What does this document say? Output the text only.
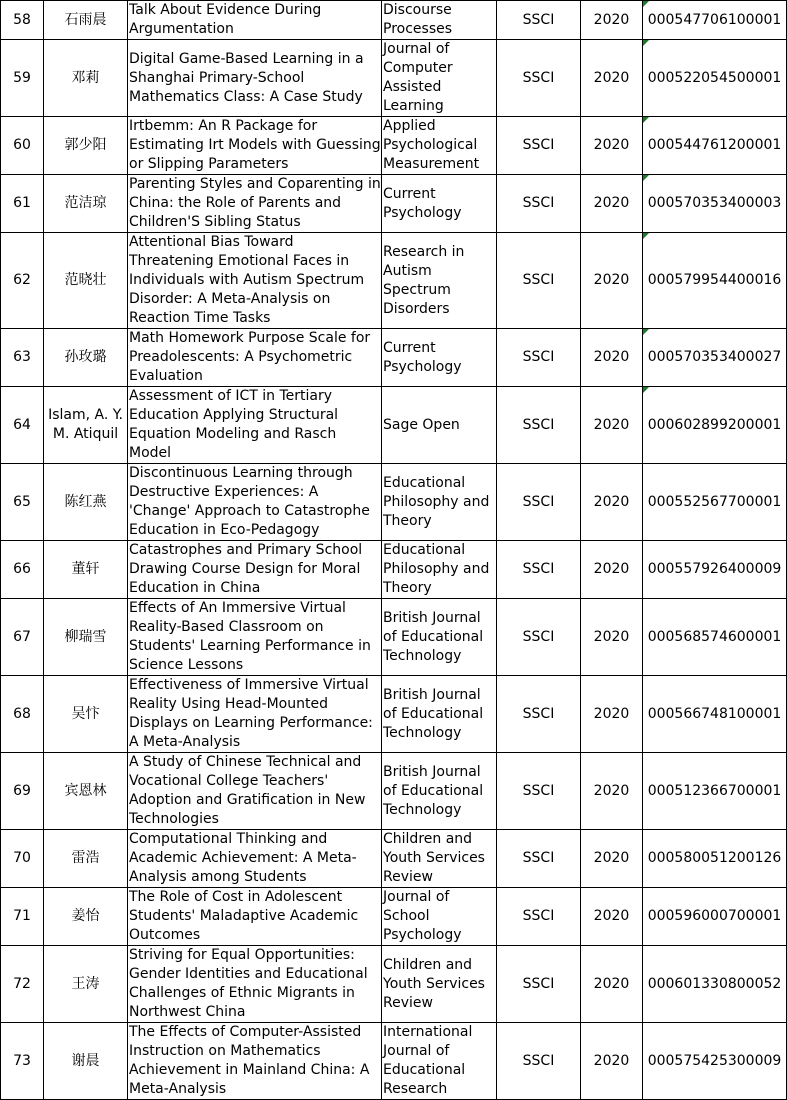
58	石雨晨	Talk About Evidence During Argumentation	Discourse Processes	SSCI	2020	000547706100001

59	邓莉	Digital Game-Based Learning in a Shanghai Primary-School Mathematics Class: A Case Study	Journal of Computer Assisted Learning	SSCI	2020	000522054500001

60	郭少阳	Irtbemm: An R Package for Estimating Irt Models with Guessing or Slipping Parameters	Applied Psychological Measurement	SSCI	2020	000544761200001

61	范洁琼	Parenting Styles and Coparenting in China: the Role of Parents and Children'S Sibling Status	Current Psychology	SSCI	2020	000570353400003

62	范晓壮	Attentional Bias Toward Threatening Emotional Faces in Individuals with Autism Spectrum Disorder: A Meta-Analysis on Reaction Time Tasks	Research in Autism Spectrum Disorders	SSCI	2020	000579954400016

63	孙玫璐	Math Homework Purpose Scale for Preadolescents: A Psychometric Evaluation	Current Psychology	SSCI	2020	000570353400027

64	Islam, A. Y. M. Atiquil	Assessment of ICT in Tertiary Education Applying Structural Equation Modeling and Rasch Model	Sage Open	SSCI	2020	000602899200001

65	陈红燕	Discontinuous Learning through Destructive Experiences: A 'Change' Approach to Catastrophe Education in Eco-Pedagogy	Educational Philosophy and Theory	SSCI	2020	000552567700001

66	董轩	Catastrophes and Primary School Drawing Course Design for Moral Education in China	Educational Philosophy and Theory	SSCI	2020	000557926400009

67	柳瑞雪	Effects of An Immersive Virtual Reality-Based Classroom on Students' Learning Performance in Science Lessons	British Journal of Educational Technology	SSCI	2020	000568574600001

68	吴忭	Effectiveness of Immersive Virtual Reality Using Head-Mounted Displays on Learning Performance: A Meta-Analysis	British Journal of Educational Technology	SSCI	2020	000566748100001

69	宾恩林	A Study of Chinese Technical and Vocational College Teachers' Adoption and Gratification in New Technologies	British Journal of Educational Technology	SSCI	2020	000512366700001

70	雷浩	Computational Thinking and Academic Achievement: A Meta-Analysis among Students	Children and Youth Services Review	SSCI	2020	000580051200126

71	姜怡	The Role of Cost in Adolescent Students' Maladaptive Academic Outcomes	Journal of School Psychology	SSCI	2020	000596000700001

72	王涛	Striving for Equal Opportunities: Gender Identities and Educational Challenges of Ethnic Migrants in Northwest China	Children and Youth Services Review	SSCI	2020	000601330800052

73	谢晨	The Effects of Computer-Assisted Instruction on Mathematics Achievement in Mainland China: A Meta-Analysis	International Journal of Educational Research	SSCI	2020	000575425300009
